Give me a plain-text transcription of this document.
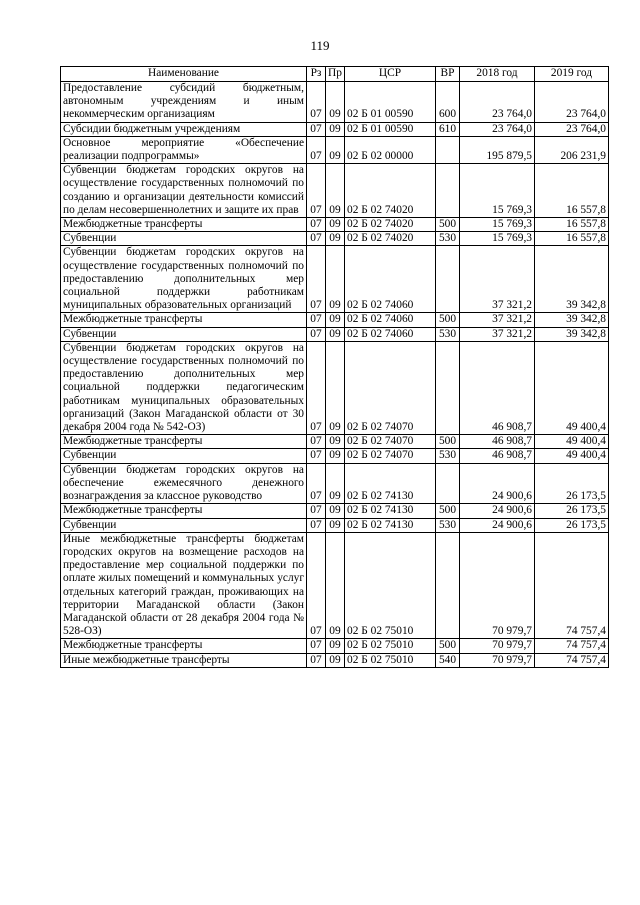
119
Наименование	Рз	Пр	ЦСР	ВР	2018 год	2019 год
Предоставление субсидий бюджетным, автономным учреждениям и иным некоммерческим организациям	07	09	02 Б 01 00590	600	23 764,0	23 764,0
Субсидии бюджетным учреждениям	07	09	02 Б 01 00590	610	23 764,0	23 764,0
Основное мероприятие «Обеспечение реализации подпрограммы»	07	09	02 Б 02 00000		195 879,5	206 231,9
Субвенции бюджетам городских округов на осуществление государственных полномочий по созданию и организации деятельности комиссий по делам несовершеннолетних и защите их прав	07	09	02 Б 02 74020		15 769,3	16 557,8
Межбюджетные трансферты	07	09	02 Б 02 74020	500	15 769,3	16 557,8
Субвенции	07	09	02 Б 02 74020	530	15 769,3	16 557,8
Субвенции бюджетам городских округов на осуществление государственных полномочий по предоставлению дополнительных мер социальной поддержки работникам муниципальных образовательных организаций	07	09	02 Б 02 74060		37 321,2	39 342,8
Межбюджетные трансферты	07	09	02 Б 02 74060	500	37 321,2	39 342,8
Субвенции	07	09	02 Б 02 74060	530	37 321,2	39 342,8
Субвенции бюджетам городских округов на осуществление государственных полномочий по предоставлению дополнительных мер социальной поддержки педагогическим работникам муниципальных образовательных организаций (Закон Магаданской области от 30 декабря 2004 года № 542-ОЗ)	07	09	02 Б 02 74070		46 908,7	49 400,4
Межбюджетные трансферты	07	09	02 Б 02 74070	500	46 908,7	49 400,4
Субвенции	07	09	02 Б 02 74070	530	46 908,7	49 400,4
Субвенции бюджетам городских округов на обеспечение ежемесячного денежного вознаграждения за классное руководство	07	09	02 Б 02 74130		24 900,6	26 173,5
Межбюджетные трансферты	07	09	02 Б 02 74130	500	24 900,6	26 173,5
Субвенции	07	09	02 Б 02 74130	530	24 900,6	26 173,5
Иные межбюджетные трансферты бюджетам городских округов на возмещение расходов на предоставление мер социальной поддержки по оплате жилых помещений и коммунальных услуг отдельных категорий граждан, проживающих на территории Магаданской области (Закон Магаданской области от 28 декабря 2004 года № 528-ОЗ)	07	09	02 Б 02 75010		70 979,7	74 757,4
Межбюджетные трансферты	07	09	02 Б 02 75010	500	70 979,7	74 757,4
Иные межбюджетные трансферты	07	09	02 Б 02 75010	540	70 979,7	74 757,4
